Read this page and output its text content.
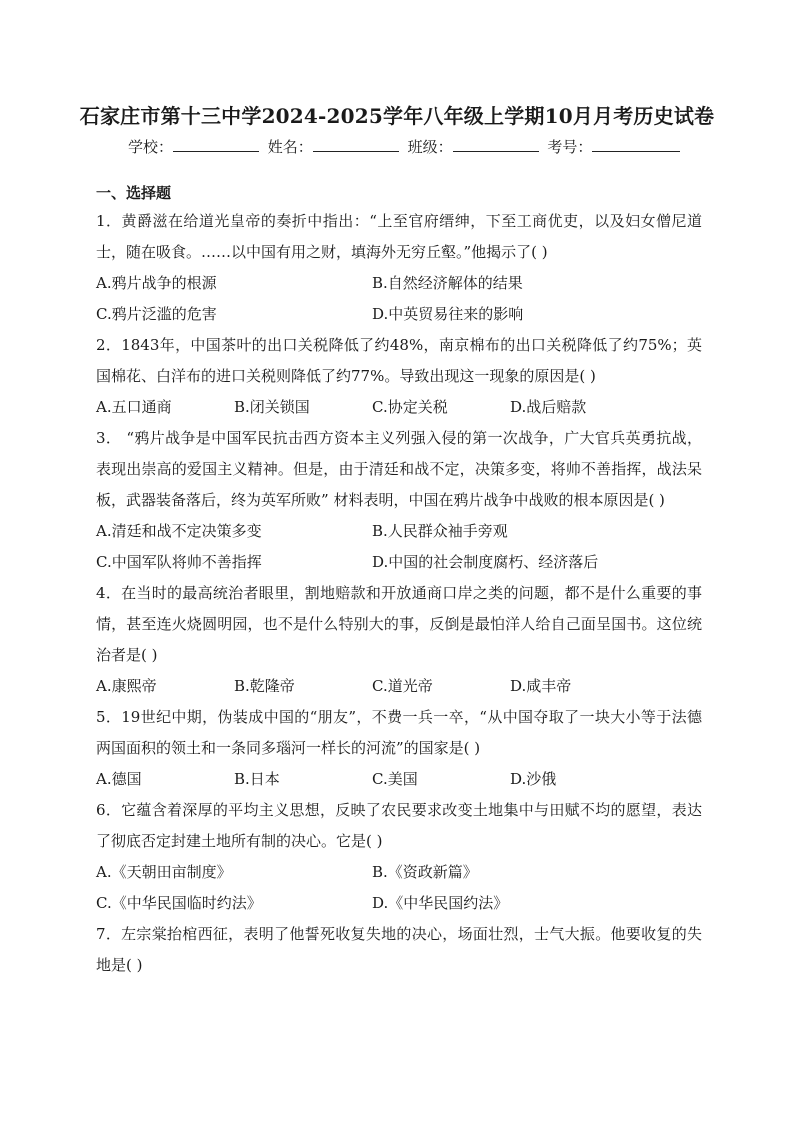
石家庄市第十三中学2024-2025学年八年级上学期10月月考历史试卷
学校：	姓名：	班级：	考号：
一、选择题

1．黄爵滋在给道光皇帝的奏折中指出：“上至官府缙绅，下至工商优吏，以及妇女僧尼道士，随在吸食。……以中国有用之财，填海外无穷丘壑。”他揭示了( )

A.鸦片战争的根源	B.自然经济解体的结果
C.鸦片泛滥的危害	D.中英贸易往来的影响

2．1843年，中国茶叶的出口关税降低了约48%，南京棉布的出口关税降低了约75%；英国棉花、白洋布的进口关税则降低了约77%。导致出现这一现象的原因是( )

A.五口通商	B.闭关锁国	C.协定关税	D.战后赔款

3． “鸦片战争是中国军民抗击西方资本主义列强入侵的第一次战争，广大官兵英勇抗战，表现出崇高的爱国主义精神。但是，由于清廷和战不定，决策多变，将帅不善指挥，战法呆板，武器装备落后，终为英军所败” 材料表明，中国在鸦片战争中战败的根本原因是( )

A.清廷和战不定决策多变	B.人民群众袖手旁观
C.中国军队将帅不善指挥	D.中国的社会制度腐朽、经济落后

4．在当时的最高统治者眼里，割地赔款和开放通商口岸之类的问题，都不是什么重要的事情，甚至连火烧圆明园，也不是什么特别大的事，反倒是最怕洋人给自己面呈国书。这位统治者是( )

A.康熙帝	B.乾隆帝	C.道光帝	D.咸丰帝

5．19世纪中期，伪装成中国的“朋友”，不费一兵一卒，“从中国夺取了一块大小等于法德两国面积的领土和一条同多瑙河一样长的河流”的国家是( )

A.德国	B.日本	C.美国	D.沙俄

6．它蕴含着深厚的平均主义思想，反映了农民要求改变土地集中与田赋不均的愿望，表达了彻底否定封建土地所有制的决心。它是( )

A.《天朝田亩制度》	B.《资政新篇》
C.《中华民国临时约法》	D.《中华民国约法》

7．左宗棠抬棺西征，表明了他誓死收复失地的决心，场面壮烈，士气大振。他要收复的失地是( )
